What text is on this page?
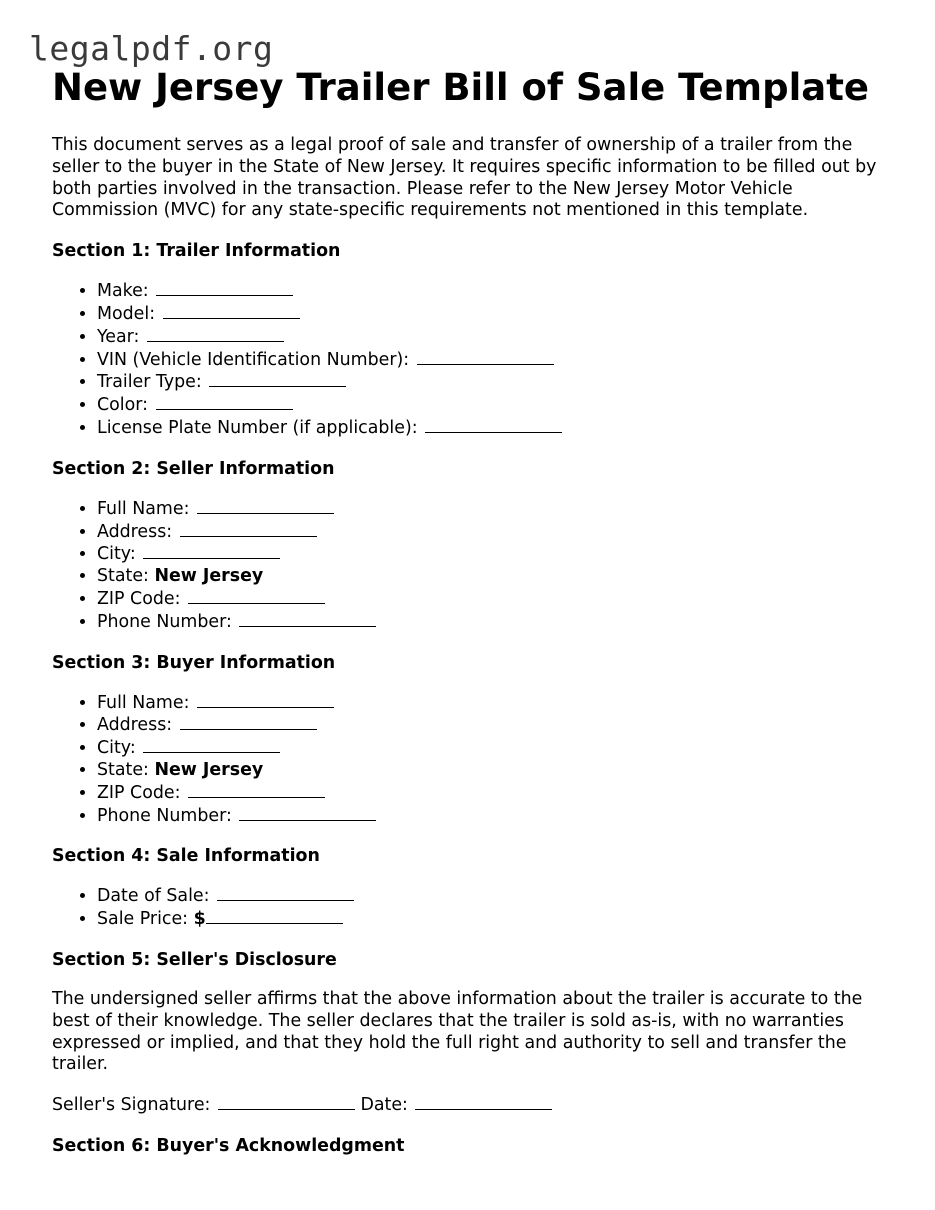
legalpdf.org
New Jersey Trailer Bill of Sale Template

This document serves as a legal proof of sale and transfer of ownership of a trailer from the seller to the buyer in the State of New Jersey. It requires specific information to be filled out by both parties involved in the transaction. Please refer to the New Jersey Motor Vehicle Commission (MVC) for any state-specific requirements not mentioned in this template.

Section 1: Trailer Information
• Make:
• Model:
• Year:
• VIN (Vehicle Identification Number):
• Trailer Type:
• Color:
• License Plate Number (if applicable):
Section 2: Seller Information
• Full Name:
• Address:
• City:
• State: New Jersey
• ZIP Code:
• Phone Number:
Section 3: Buyer Information
• Full Name:
• Address:
• City:
• State: New Jersey
• ZIP Code:
• Phone Number:
Section 4: Sale Information
• Date of Sale:
• Sale Price: $
Section 5: Seller's Disclosure

The undersigned seller affirms that the above information about the trailer is accurate to the best of their knowledge. The seller declares that the trailer is sold as-is, with no warranties expressed or implied, and that they hold the full right and authority to sell and transfer the trailer.

Seller's Signature:	Date:

Section 6: Buyer's Acknowledgment
